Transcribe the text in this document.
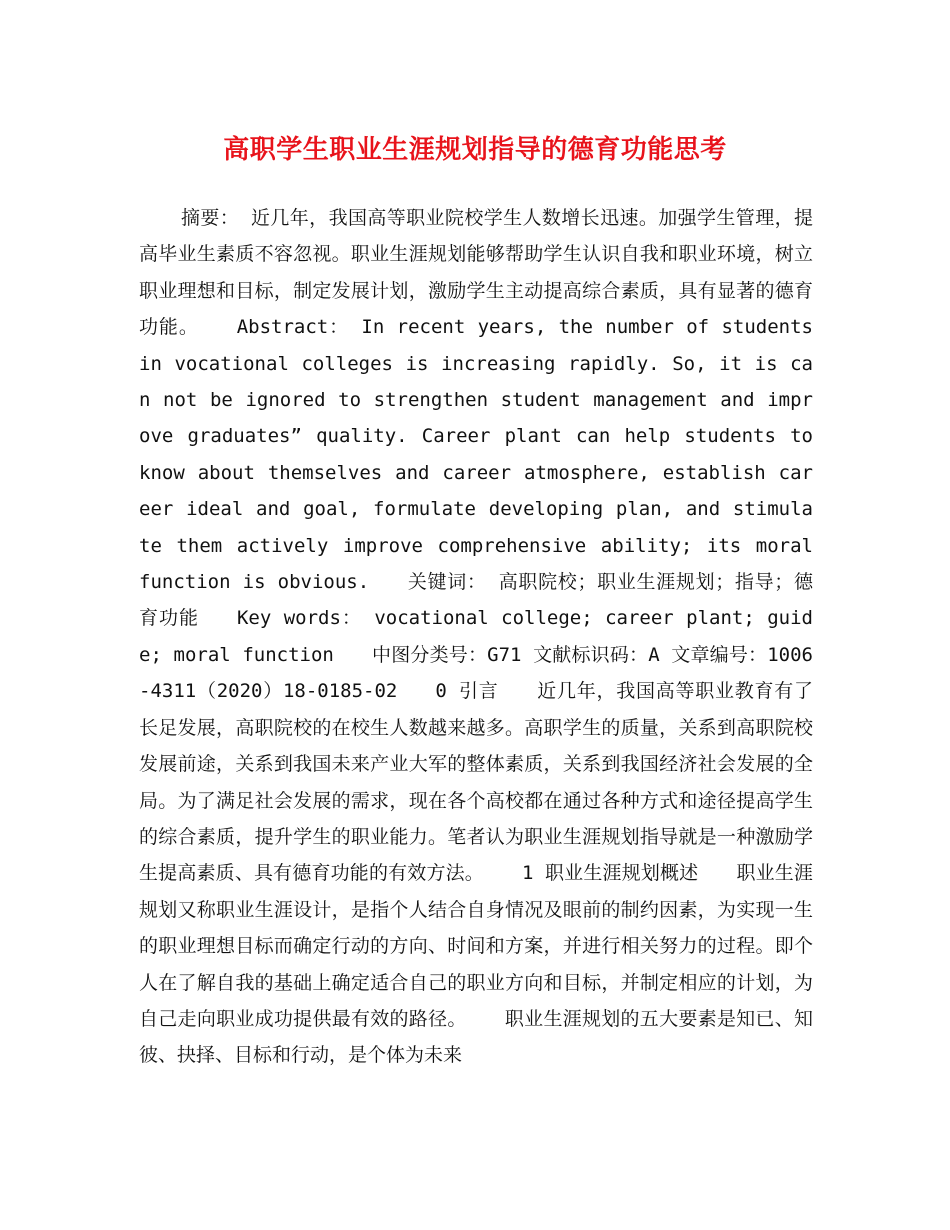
高职学生职业生涯规划指导的德育功能思考

摘要： 近几年，我国高等职业院校学生人数增长迅速。加强学生管理，提高毕业生素质不容忽视。职业生涯规划能够帮助学生认识自我和职业环境，树立职业理想和目标，制定发展计划，激励学生主动提高综合素质，具有显著的德育功能。 Abstract： In recent years, the number of students in vocational colleges is increasing rapidly. So, it is can not be ignored to strengthen student management and improve graduates” quality. Career plant can help students to know about themselves and career atmosphere, establish career ideal and goal, formulate developing plan, and stimulate them actively improve comprehensive ability; its moral function is obvious. 关键词： 高职院校；职业生涯规划；指导；德育功能 Key words： vocational college; career plant; guide; moral function 中图分类号：G71 文献标识码：A 文章编号：1006-4311（2020）18-0185-02 0 引言 近几年，我国高等职业教育有了长足发展，高职院校的在校生人数越来越多。高职学生的质量，关系到高职院校发展前途，关系到我国未来产业大军的整体素质，关系到我国经济社会发展的全局。为了满足社会发展的需求，现在各个高校都在通过各种方式和途径提高学生的综合素质，提升学生的职业能力。笔者认为职业生涯规划指导就是一种激励学生提高素质、具有德育功能的有效方法。 1 职业生涯规划概述 职业生涯规划又称职业生涯设计，是指个人结合自身情况及眼前的制约因素，为实现一生的职业理想目标而确定行动的方向、时间和方案，并进行相关努力的过程。即个人在了解自我的基础上确定适合自己的职业方向和目标，并制定相应的计划，为自己走向职业成功提供最有效的路径。 职业生涯规划的五大要素是知已、知彼、抉择、目标和行动，是个体为未来
